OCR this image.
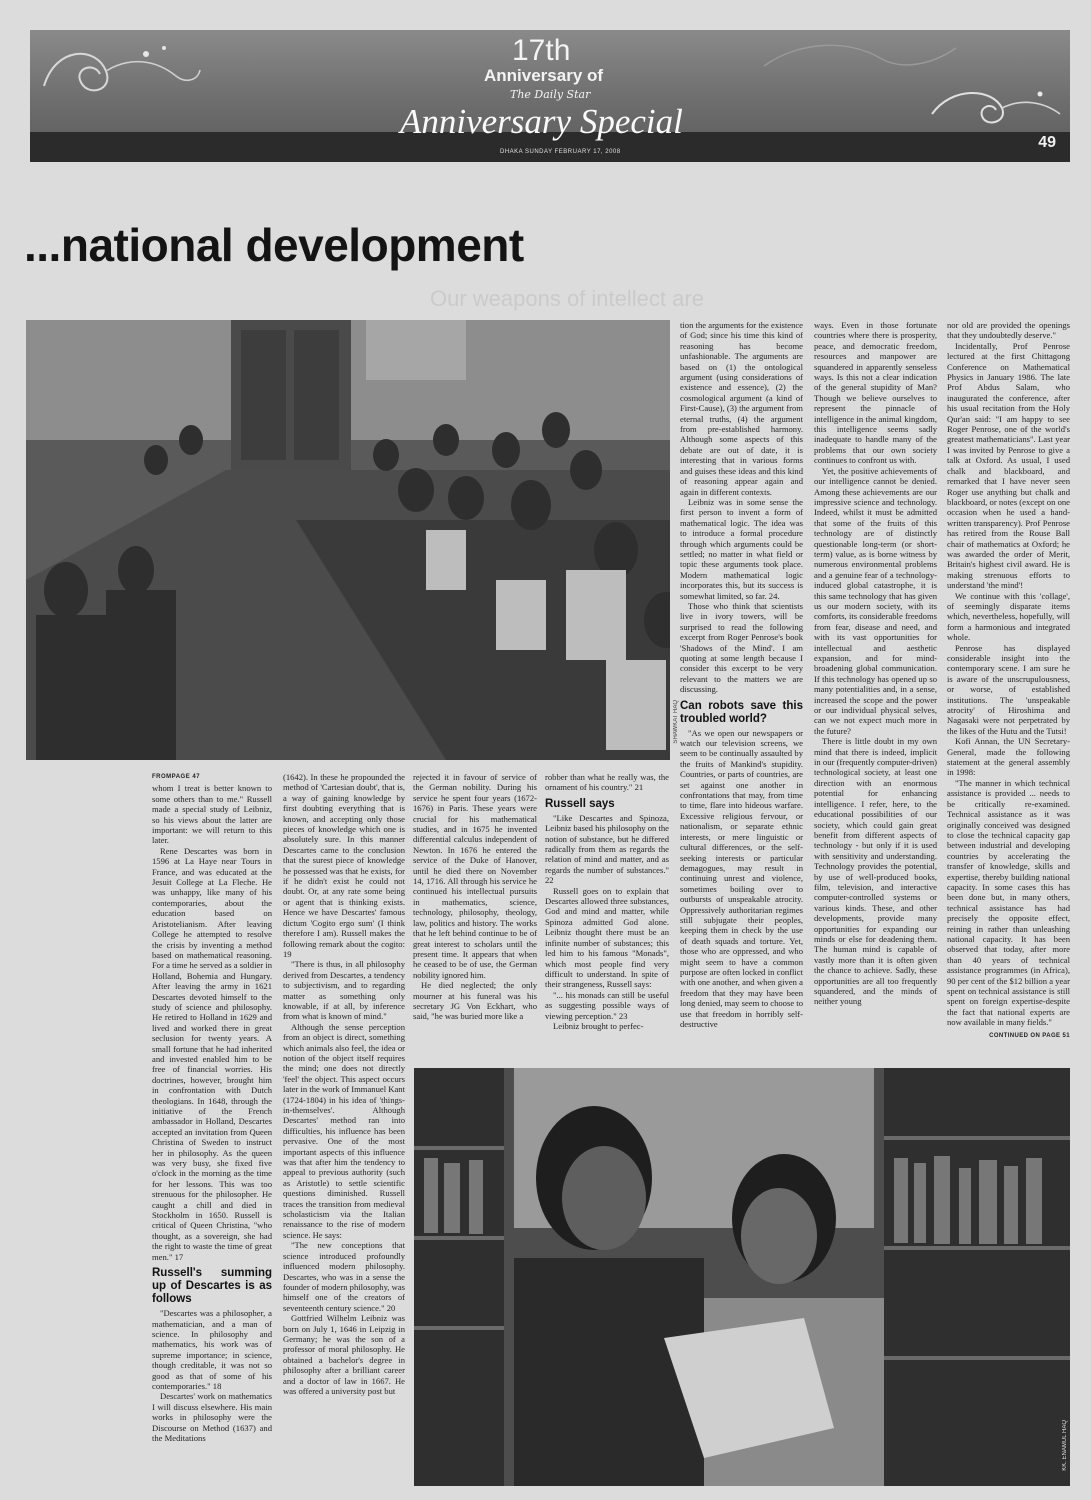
17th
Anniversary of
The Daily Star
Anniversary Special
DHAKA SUNDAY FEBRUARY 17, 2008
49
Our weapons of intellect are
...national development
SHAWKAT HAQ
FROMPAGE 47

whom I treat is better known to some others than to me." Russell made a special study of Leibniz, so his views about the latter are important: we will return to this later.

Rene Descartes was born in 1596 at La Haye near Tours in France, and was educated at the Jesuit College at La Fleche. He was unhappy, like many of his contemporaries, about the education based on Aristotelianism. After leaving College he attempted to resolve the crisis by inventing a method based on mathematical reasoning. For a time he served as a soldier in Holland, Bohemia and Hungary. After leaving the army in 1621 Descartes devoted himself to the study of science and philosophy. He retired to Holland in 1629 and lived and worked there in great seclusion for twenty years. A small fortune that he had inherited and invested enabled him to be free of financial worries. His doctrines, however, brought him in confrontation with Dutch theologians. In 1648, through the initiative of the French ambassador in Holland, Descartes accepted an invitation from Queen Christina of Sweden to instruct her in philosophy. As the queen was very busy, she fixed five o'clock in the morning as the time for her lessons. This was too strenuous for the philosopher. He caught a chill and died in Stockholm in 1650. Russell is critical of Queen Christina, "who thought, as a sovereign, she had the right to waste the time of great men." 17

Russell's summing up of Descartes is as follows

"Descartes was a philosopher, a mathematician, and a man of science. In philosophy and mathematics, his work was of supreme importance; in science, though creditable, it was not so good as that of some of his contemporaries." 18

Descartes' work on mathematics I will discuss elsewhere. His main works in philosophy were the Discourse on Method (1637) and the Meditations

(1642). In these he propounded the method of 'Cartesian doubt', that is, a way of gaining knowledge by first doubting everything that is known, and accepting only those pieces of knowledge which one is absolutely sure. In this manner Descartes came to the conclusion that the surest piece of knowledge he possessed was that he exists, for if he didn't exist he could not doubt. Or, at any rate some being or agent that is thinking exists. Hence we have Descartes' famous dictum 'Cogito ergo sum' (I think therefore I am). Russell makes the following remark about the cogito: 19

"There is thus, in all philosophy derived from Descartes, a tendency to subjectivism, and to regarding matter as something only knowable, if at all, by inference from what is known of mind."

Although the sense perception from an object is direct, something which animals also feel, the idea or notion of the object itself requires the mind; one does not directly 'feel' the object. This aspect occurs later in the work of Immanuel Kant (1724-1804) in his idea of 'things-in-themselves'. Although Descartes' method ran into difficulties, his influence has been pervasive. One of the most important aspects of this influence was that after him the tendency to appeal to previous authority (such as Aristotle) to settle scientific questions diminished. Russell traces the transition from medieval scholasticism via the Italian renaissance to the rise of modern science. He says:

"The new conceptions that science introduced profoundly influenced modern philosophy. Descartes, who was in a sense the founder of modern philosophy, was himself one of the creators of seventeenth century science." 20

Gottfried Wilhelm Leibniz was born on July 1, 1646 in Leipzig in Germany; he was the son of a professor of moral philosophy. He obtained a bachelor's degree in philosophy after a brilliant career and a doctor of law in 1667. He was offered a university post but

rejected it in favour of service of the German nobility. During his service he spent four years (1672-1676) in Paris. These years were crucial for his mathematical studies, and in 1675 he invented differential calculus independent of Newton. In 1676 he entered the service of the Duke of Hanover, until he died there on November 14, 1716. All through his service he continued his intellectual pursuits in mathematics, science, technology, philosophy, theology, law, politics and history. The works that he left behind continue to be of great interest to scholars until the present time. It appears that when he ceased to be of use, the German nobility ignored him.

He died neglected; the only mourner at his funeral was his secretary JG Von Eckhart, who said, "he was buried more like a

robber than what he really was, the ornament of his country." 21

Russell says

"Like Descartes and Spinoza, Leibniz based his philosophy on the notion of substance, but he differed radically from them as regards the relation of mind and matter, and as regards the number of substances." 22

Russell goes on to explain that Descartes allowed three substances, God and mind and matter, while Spinoza admitted God alone. Leibniz thought there must be an infinite number of substances; this led him to his famous "Monads", which most people find very difficult to understand. In spite of their strangeness, Russell says:

"... his monads can still be useful as suggesting possible ways of viewing perception." 23

Leibniz brought to perfec-

tion the arguments for the existence of God; since his time this kind of reasoning has become unfashionable. The arguments are based on (1) the ontological argument (using considerations of existence and essence), (2) the cosmological argument (a kind of First-Cause), (3) the argument from eternal truths, (4) the argument from pre-established harmony. Although some aspects of this debate are out of date, it is interesting that in various forms and guises these ideas and this kind of reasoning appear again and again in different contexts.

Leibniz was in some sense the first person to invent a form of mathematical logic. The idea was to introduce a formal procedure through which arguments could be settled; no matter in what field or topic these arguments took place. Modern mathematical logic incorporates this, but its success is somewhat limited, so far. 24.

Those who think that scientists live in ivory towers, will be surprised to read the following excerpt from Roger Penrose's book 'Shadows of the Mind'. I am quoting at some length because I consider this excerpt to be very relevant to the matters we are discussing.

Can robots save this troubled world?

"As we open our newspapers or watch our television screens, we seem to be continually assaulted by the fruits of Mankind's stupidity. Countries, or parts of countries, are set against one another in confrontations that may, from time to time, flare into hideous warfare. Excessive religious fervour, or nationalism, or separate ethnic interests, or mere linguistic or cultural differences, or the self-seeking interests or particular demagogues, may result in continuing unrest and violence, sometimes boiling over to outbursts of unspeakable atrocity. Oppressively authoritarian regimes still subjugate their peoples, keeping them in check by the use of death squads and torture. Yet, those who are oppressed, and who might seem to have a common purpose are often locked in conflict with one another, and when given a freedom that they may have been long denied, may seem to choose to use that freedom in horribly self-destructive

ways. Even in those fortunate countries where there is prosperity, peace, and democratic freedom, resources and manpower are squandered in apparently senseless ways. Is this not a clear indication of the general stupidity of Man? Though we believe ourselves to represent the pinnacle of intelligence in the animal kingdom, this intelligence seems sadly inadequate to handle many of the problems that our own society continues to confront us with.

Yet, the positive achievements of our intelligence cannot be denied. Among these achievements are our impressive science and technology. Indeed, whilst it must be admitted that some of the fruits of this technology are of distinctly questionable long-term (or short-term) value, as is borne witness by numerous environmental problems and a genuine fear of a technology-induced global catastrophe, it is this same technology that has given us our modern society, with its comforts, its considerable freedoms from fear, disease and need, and with its vast opportunities for intellectual and aesthetic expansion, and for mind-broadening global communication. If this technology has opened up so many potentialities and, in a sense, increased the scope and the power or our individual physical selves, can we not expect much more in the future?

There is little doubt in my own mind that there is indeed, implicit in our (frequently computer-driven) technological society, at least one direction with an enormous potential for enhancing intelligence. I refer, here, to the educational possibilities of our society, which could gain great benefit from different aspects of technology - but only if it is used with sensitivity and understanding. Technology provides the potential, by use of well-produced books, film, television, and interactive computer-controlled systems or various kinds. These, and other developments, provide many opportunities for expanding our minds or else for deadening them. The human mind is capable of vastly more than it is often given the chance to achieve. Sadly, these opportunities are all too frequently squandered, and the minds of neither young

nor old are provided the openings that they undoubtedly deserve."

Incidentally, Prof Penrose lectured at the first Chittagong Conference on Mathematical Physics in January 1986. The late Prof Abdus Salam, who inaugurated the conference, after his usual recitation from the Holy Qur'an said: "I am happy to see Roger Penrose, one of the world's greatest mathematicians". Last year I was invited by Penrose to give a talk at Oxford. As usual, I used chalk and blackboard, and remarked that I have never seen Roger use anything but chalk and blackboard, or notes (except on one occasion when he used a hand-written transparency). Prof Penrose has retired from the Rouse Ball chair of mathematics at Oxford; he was awarded the order of Merit, Britain's highest civil award. He is making strenuous efforts to understand 'the mind'!

We continue with this 'collage', of seemingly disparate items which, nevertheless, hopefully, will form a harmonious and integrated whole.

Penrose has displayed considerable insight into the contemporary scene. I am sure he is aware of the unscrupulousness, or worse, of established institutions. The 'unspeakable atrocity' of Hiroshima and Nagasaki were not perpetrated by the likes of the Hutu and the Tutsi!

Kofi Annan, the UN Secretary-General, made the following statement at the general assembly in 1998:

"The manner in which technical assistance is provided ... needs to be critically re-examined. Technical assistance as it was originally conceived was designed to close the technical capacity gap between industrial and developing countries by accelerating the transfer of knowledge, skills and expertise, thereby building national capacity. In some cases this has been done but, in many others, technical assistance has had precisely the opposite effect, reining in rather than unleashing national capacity. It has been observed that today, after more than 40 years of technical assistance programmes (in Africa), 90 per cent of the $12 billion a year spent on technical assistance is still spent on foreign expertise-despite the fact that national experts are now available in many fields."

CONTINUED ON PAGE 51
KK. ENAMUL HAQ
